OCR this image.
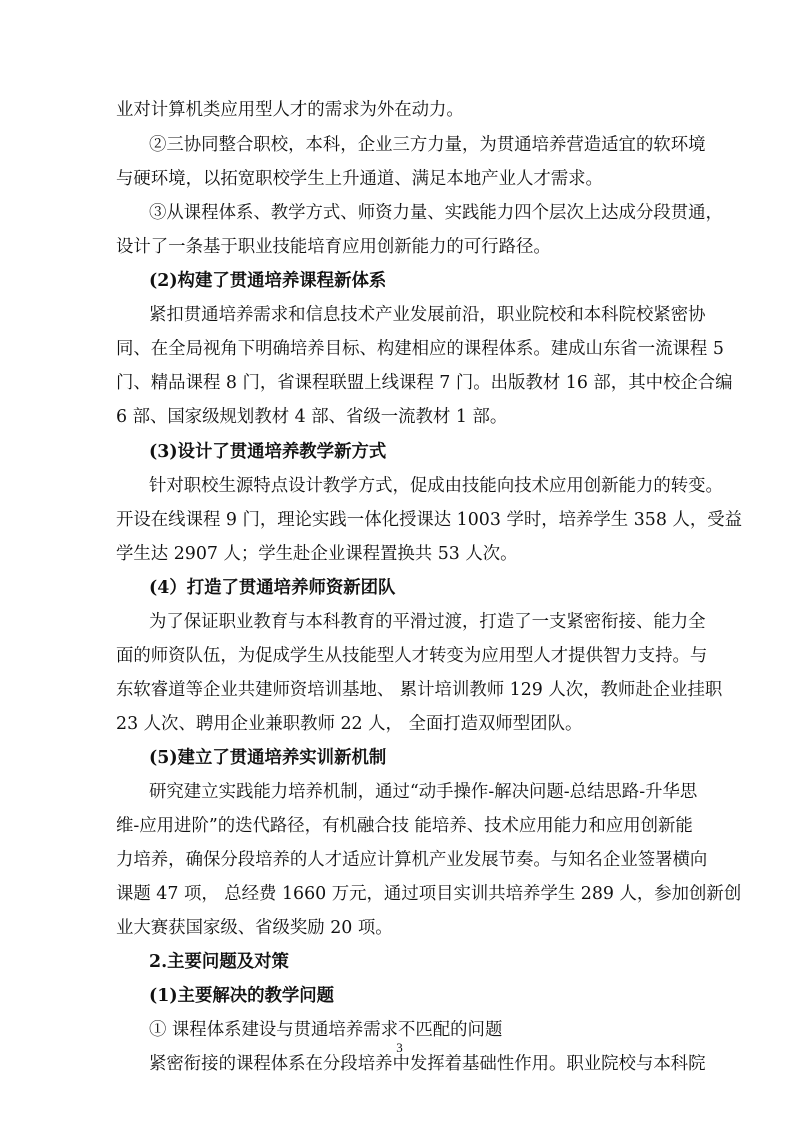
业对计算机类应用型人才的需求为外在动力。
②三协同整合职校，本科，企业三方力量，为贯通培养营造适宜的软环境
与硬环境，以拓宽职校学生上升通道、满足本地产业人才需求。
③从课程体系、教学方式、师资力量、实践能力四个层次上达成分段贯通，
设计了一条基于职业技能培育应用创新能力的可行路径。
(2)构建了贯通培养课程新体系
紧扣贯通培养需求和信息技术产业发展前沿，职业院校和本科院校紧密协
同、在全局视角下明确培养目标、构建相应的课程体系。建成山东省一流课程 5
门、精品课程 8 门，省课程联盟上线课程 7 门。出版教材 16 部，其中校企合编
6 部、国家级规划教材 4 部、省级一流教材 1 部。
(3)设计了贯通培养教学新方式
针对职校生源特点设计教学方式，促成由技能向技术应用创新能力的转变。
开设在线课程 9 门，理论实践一体化授课达 1003 学时，培养学生 358 人，受益
学生达 2907 人；学生赴企业课程置换共 53 人次。
(4）打造了贯通培养师资新团队
为了保证职业教育与本科教育的平滑过渡，打造了一支紧密衔接、能力全
面的师资队伍，为促成学生从技能型人才转变为应用型人才提供智力支持。与
东软睿道等企业共建师资培训基地、 累计培训教师 129 人次，教师赴企业挂职
23 人次、聘用企业兼职教师 22 人， 全面打造双师型团队。
(5)建立了贯通培养实训新机制
研究建立实践能力培养机制，通过“动手操作-解决问题-总结思路-升华思
维-应用进阶”的迭代路径，有机融合技 能培养、技术应用能力和应用创新能
力培养，确保分段培养的人才适应计算机产业发展节奏。与知名企业签署横向
课题 47 项， 总经费 1660 万元，通过项目实训共培养学生 289 人，参加创新创
业大赛获国家级、省级奖励 20 项。
2.主要问题及对策
(1)主要解决的教学问题
① 课程体系建设与贯通培养需求不匹配的问题
紧密衔接的课程体系在分段培养中发挥着基础性作用。职业院校与本科院
3
